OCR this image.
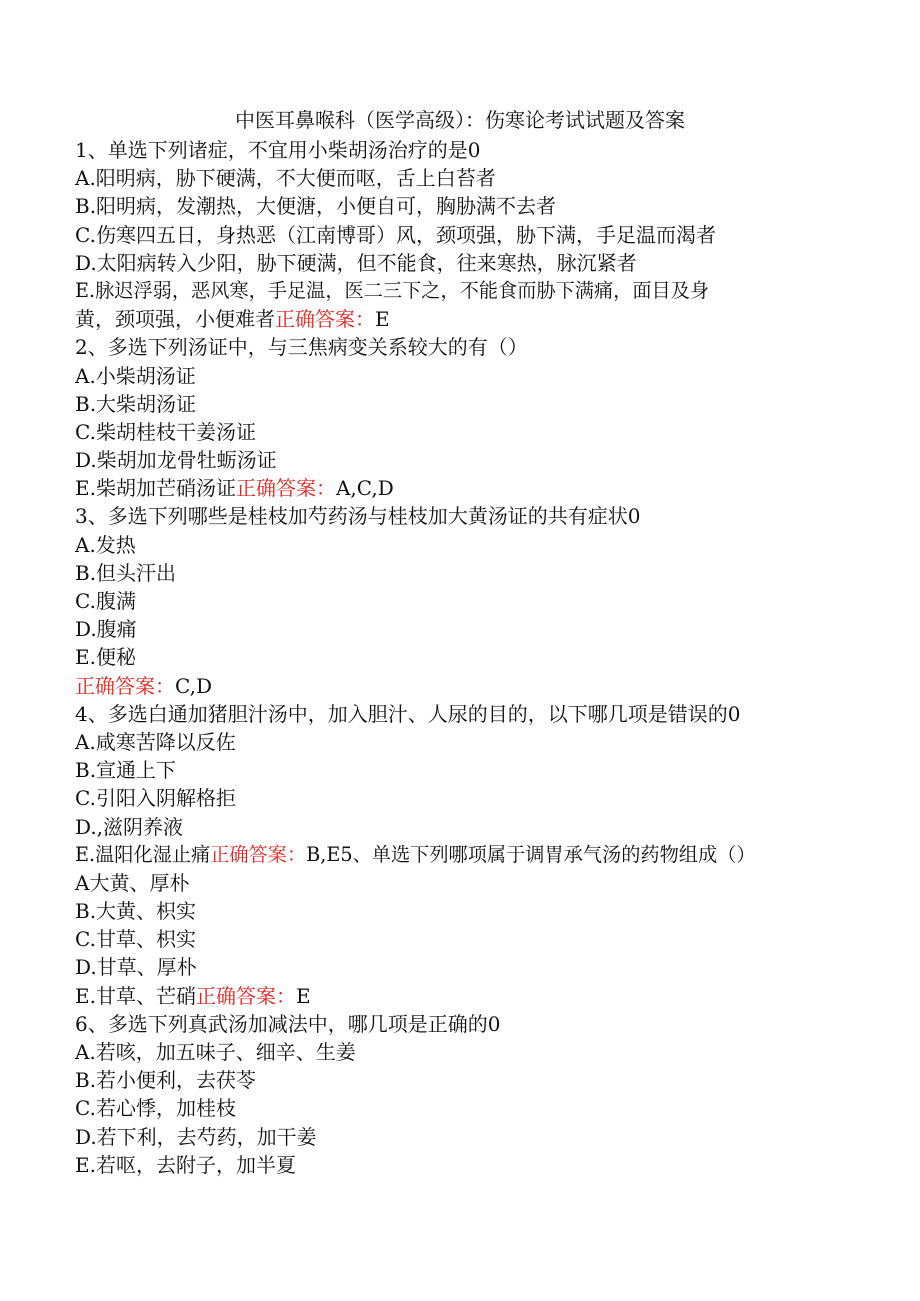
中医耳鼻喉科（医学高级）：伤寒论考试试题及答案
1、单选下列诸症，不宜用小柴胡汤治疗的是0
A.阳明病，胁下硬满，不大便而呕，舌上白苔者
B.阳明病，发潮热，大便溏，小便自可，胸胁满不去者
C.伤寒四五日，身热恶（江南博哥）风，颈项强，胁下满，手足温而渴者
D.太阳病转入少阳，胁下硬满，但不能食，往来寒热，脉沉紧者
E.脉迟浮弱，恶风寒，手足温，医二三下之，不能食而胁下满痛，面目及身
黄，颈项强，小便难者正确答案：E
2、多选下列汤证中，与三焦病变关系较大的有（）
A.小柴胡汤证
B.大柴胡汤证
C.柴胡桂枝干姜汤证
D.柴胡加龙骨牡蛎汤证
E.柴胡加芒硝汤证正确答案：A,C,D
3、多选下列哪些是桂枝加芍药汤与桂枝加大黄汤证的共有症状0
A.发热
B.但头汗出
C.腹满
D.腹痛
E.便秘
正确答案：C,D
4、多选白通加猪胆汁汤中，加入胆汁、人尿的目的，以下哪几项是错误的0
A.咸寒苦降以反佐
B.宣通上下
C.引阳入阴解格拒
D.,滋阴养液
E.温阳化湿止痛正确答案：B,E5、单选下列哪项属于调胃承气汤的药物组成（）
A大黄、厚朴
B.大黄、枳实
C.甘草、枳实
D.甘草、厚朴
E.甘草、芒硝正确答案：E
6、多选下列真武汤加减法中，哪几项是正确的0
A.若咳，加五味子、细辛、生姜
B.若小便利，去茯苓
C.若心悸，加桂枝
D.若下利，去芍药，加干姜
E.若呕，去附子，加半夏
